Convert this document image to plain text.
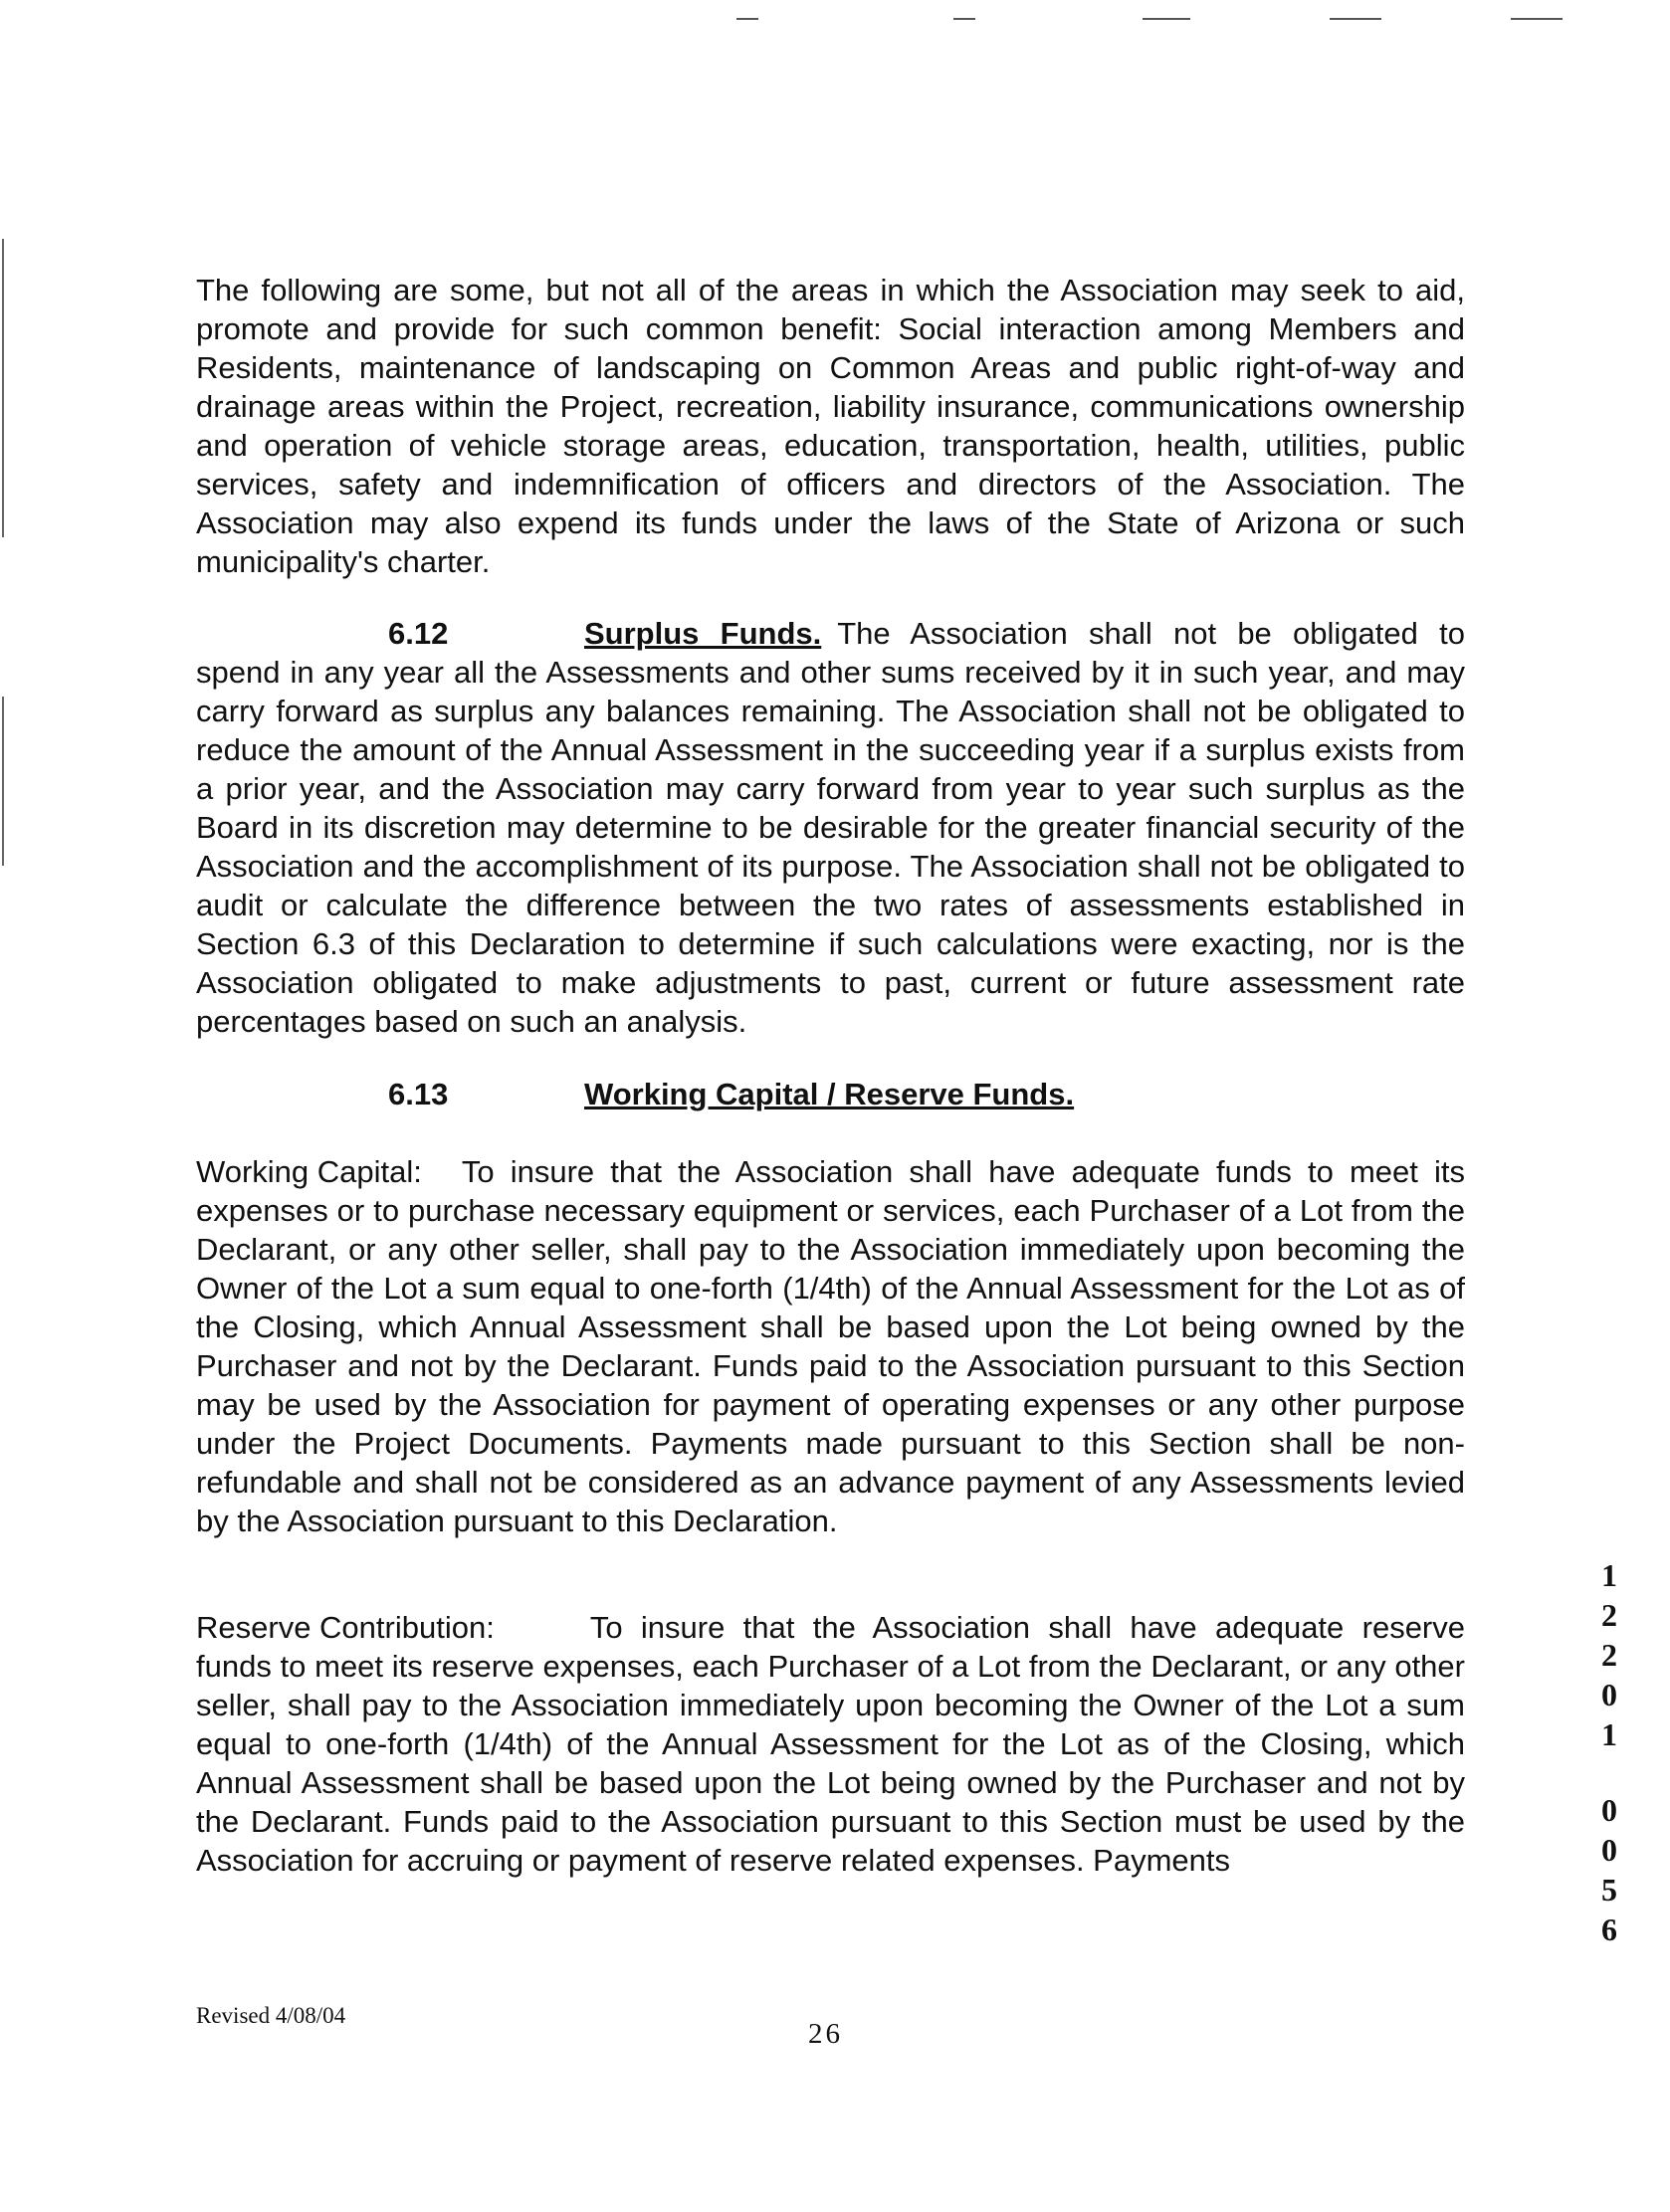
The following are some, but not all of the areas in which the Association may seek to aid, promote and provide for such common benefit: Social interaction among Members and Residents, maintenance of landscaping on Common Areas and public right-of-way and drainage areas within the Project, recreation, liability insurance, communications ownership and operation of vehicle storage areas, education, transportation, health, utilities, public services, safety and indemnification of officers and directors of the Association. The Association may also expend its funds under the laws of the State of Arizona or such municipality's charter.

6.12	Surplus Funds. The Association shall not be obligated to spend in any year all the Assessments and other sums received by it in such year, and may carry forward as surplus any balances remaining. The Association shall not be obligated to reduce the amount of the Annual Assessment in the succeeding year if a surplus exists from a prior year, and the Association may carry forward from year to year such surplus as the Board in its discretion may determine to be desirable for the greater financial security of the Association and the accomplishment of its purpose. The Association shall not be obligated to audit or calculate the difference between the two rates of assessments established in Section 6.3 of this Declaration to determine if such calculations were exacting, nor is the Association obligated to make adjustments to past, current or future assessment rate percentages based on such an analysis.

6.13	Working Capital / Reserve Funds.

Working Capital: To insure that the Association shall have adequate funds to meet its expenses or to purchase necessary equipment or services, each Purchaser of a Lot from the Declarant, or any other seller, shall pay to the Association immediately upon becoming the Owner of the Lot a sum equal to one-forth (1/4th) of the Annual Assessment for the Lot as of the Closing, which Annual Assessment shall be based upon the Lot being owned by the Purchaser and not by the Declarant. Funds paid to the Association pursuant to this Section may be used by the Association for payment of operating expenses or any other purpose under the Project Documents. Payments made pursuant to this Section shall be non-refundable and shall not be considered as an advance payment of any Assessments levied by the Association pursuant to this Declaration.

Reserve Contribution:	To insure that the Association shall have adequate reserve funds to meet its reserve expenses, each Purchaser of a Lot from the Declarant, or any other seller, shall pay to the Association immediately upon becoming the Owner of the Lot a sum equal to one-forth (1/4th) of the Annual Assessment for the Lot as of the Closing, which Annual Assessment shall be based upon the Lot being owned by the Purchaser and not by the Declarant. Funds paid to the Association pursuant to this Section must be used by the Association for accruing or payment of reserve related expenses. Payments

Revised 4/08/04
26
1
2
2
0
1
0
0
5
6
